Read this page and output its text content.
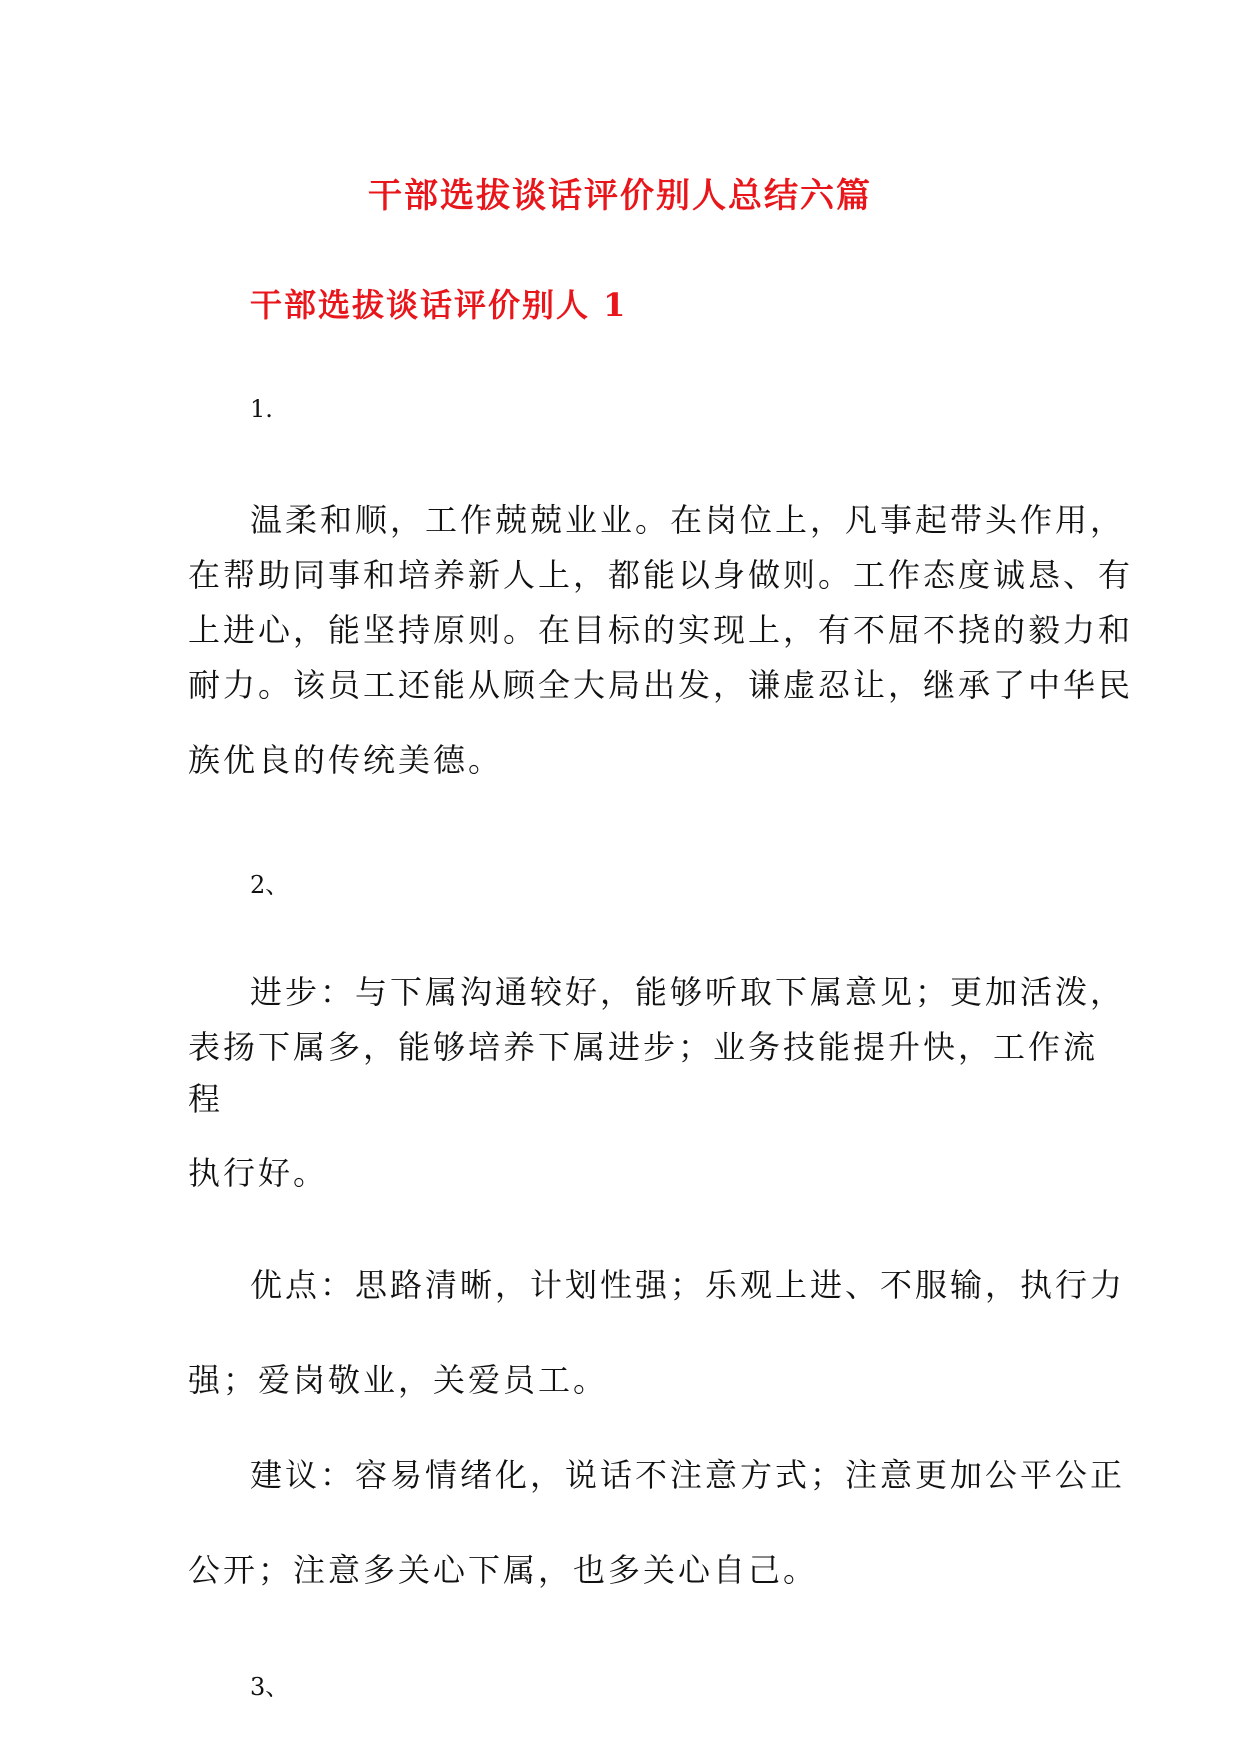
干部选拔谈话评价别人总结六篇
干部选拔谈话评价别人 1
1.
温柔和顺，工作兢兢业业。在岗位上，凡事起带头作用，
在帮助同事和培养新人上，都能以身做则。工作态度诚恳、有
上进心，能坚持原则。在目标的实现上，有不屈不挠的毅力和
耐力。该员工还能从顾全大局出发，谦虚忍让，继承了中华民
族优良的传统美德。
2、
进步：与下属沟通较好，能够听取下属意见；更加活泼，
表扬下属多，能够培养下属进步；业务技能提升快，工作流
程
执行好。
优点：思路清晰，计划性强；乐观上进、不服输，执行力
强；爱岗敬业，关爱员工。
建议：容易情绪化，说话不注意方式；注意更加公平公正
公开；注意多关心下属，也多关心自己。
3、
